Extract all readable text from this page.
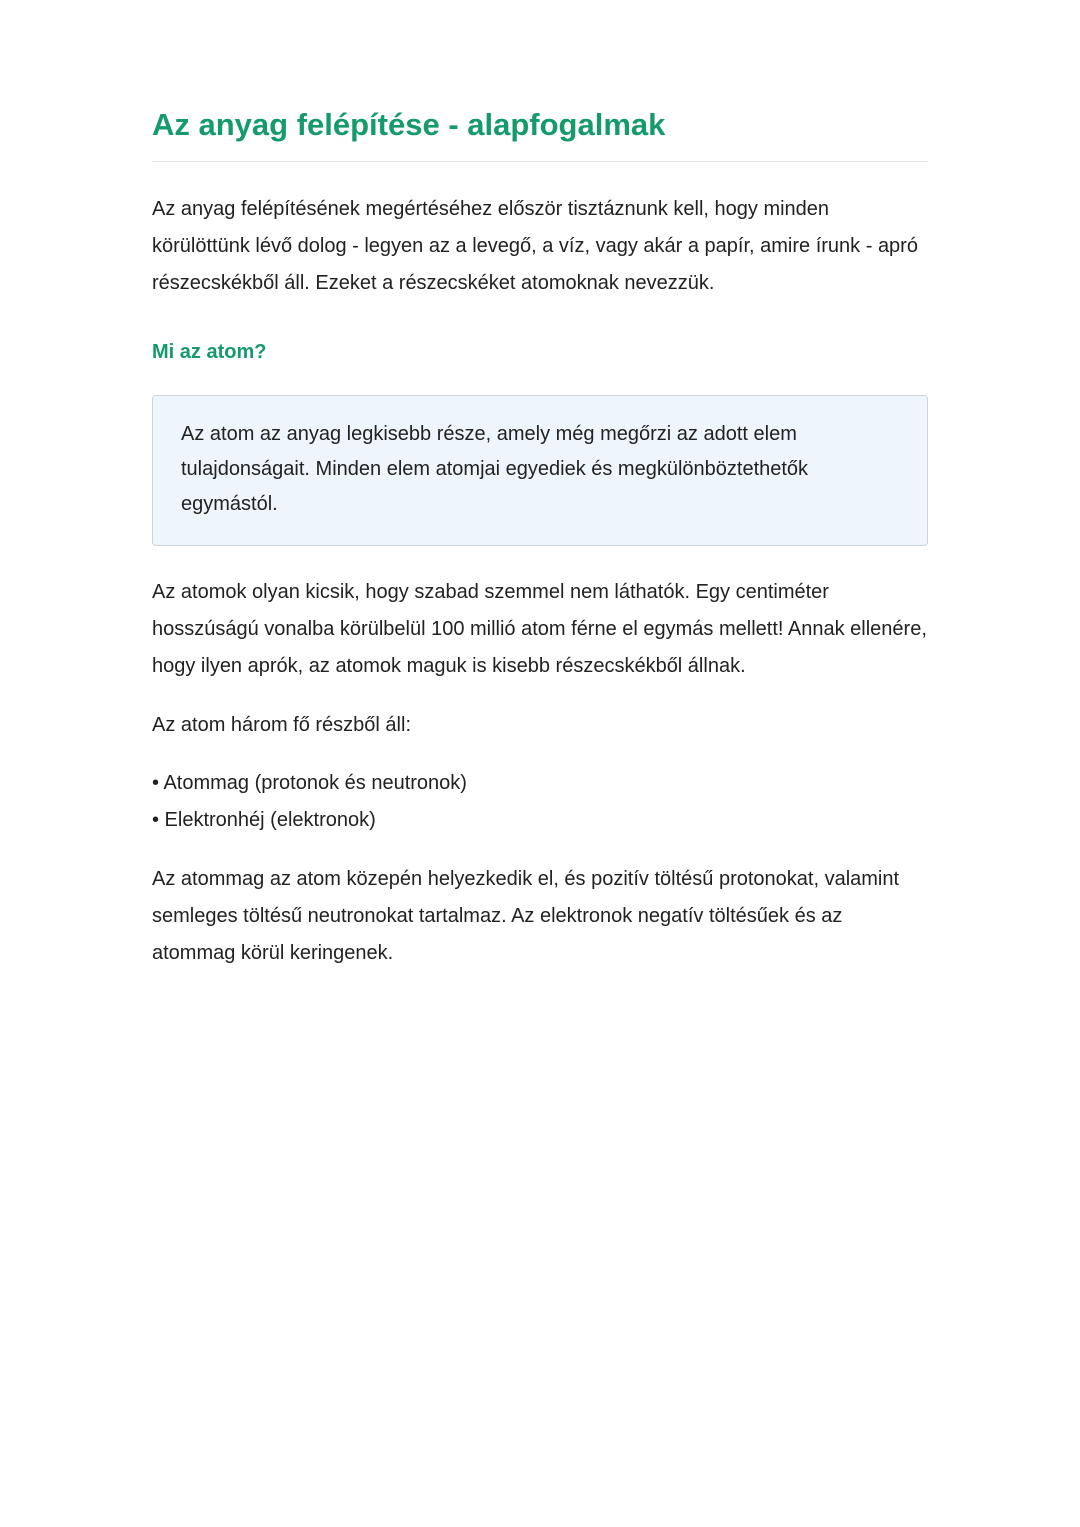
Az anyag felépítése - alapfogalmak

Az anyag felépítésének megértéséhez először tisztáznunk kell, hogy minden körülöttünk lévő dolog - legyen az a levegő, a víz, vagy akár a papír, amire írunk - apró részecskékből áll. Ezeket a részecskéket atomoknak nevezzük.

Mi az atom?

Az atom az anyag legkisebb része, amely még megőrzi az adott elem tulajdonságait. Minden elem atomjai egyediek és megkülönböztethetők egymástól.

Az atomok olyan kicsik, hogy szabad szemmel nem láthatók. Egy centiméter hosszúságú vonalba körülbelül 100 millió atom férne el egymás mellett! Annak ellenére, hogy ilyen aprók, az atomok maguk is kisebb részecskékből állnak.

Az atom három fő részből áll:

• Atommag (protonok és neutronok)
• Elektronhéj (elektronok)

Az atommag az atom közepén helyezkedik el, és pozitív töltésű protonokat, valamint semleges töltésű neutronokat tartalmaz. Az elektronok negatív töltésűek és az atommag körül keringenek.
